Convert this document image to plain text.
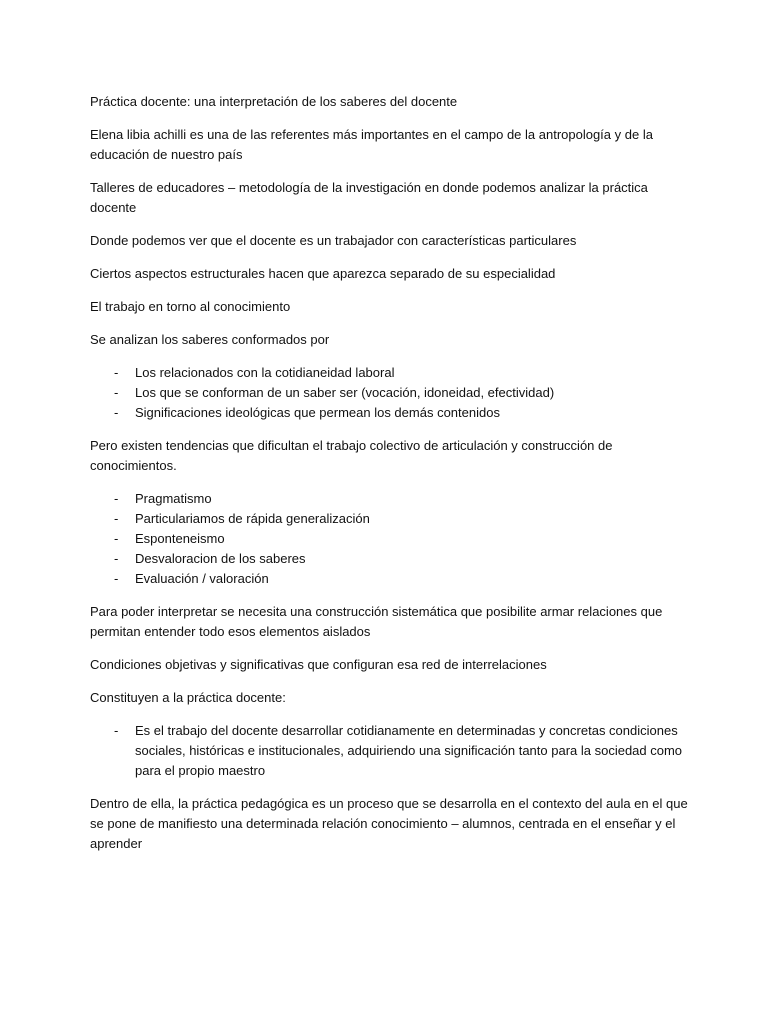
Práctica docente: una interpretación de los saberes del docente

Elena libia achilli es una de las referentes más importantes en el campo de la antropología y de la educación de nuestro país

Talleres de educadores – metodología de la investigación en donde podemos analizar la práctica docente

Donde podemos ver que el docente es un trabajador con características particulares

Ciertos aspectos estructurales hacen que aparezca separado de su especialidad

El trabajo en torno al conocimiento

Se analizan los saberes conformados por

- Los relacionados con la cotidianeidad laboral
- Los que se conforman de un saber ser (vocación, idoneidad, efectividad)
- Significaciones ideológicas que permean los demás contenidos

Pero existen tendencias que dificultan el trabajo colectivo de articulación y construcción de conocimientos.

- Pragmatismo
- Particulariamos de rápida generalización
- Esponteneismo
- Desvaloracion de los saberes
- Evaluación / valoración

Para poder interpretar se necesita una construcción sistemática que posibilite armar relaciones que permitan entender todo esos elementos aislados

Condiciones objetivas y significativas que configuran esa red de interrelaciones

Constituyen a la práctica docente:

- Es el trabajo del docente desarrollar cotidianamente en determinadas y concretas condiciones sociales, históricas e institucionales, adquiriendo una significación tanto para la sociedad como para el propio maestro

Dentro de ella, la práctica pedagógica es un proceso que se desarrolla en el contexto del aula en el que se pone de manifiesto una determinada relación conocimiento – alumnos, centrada en el enseñar y el aprender
